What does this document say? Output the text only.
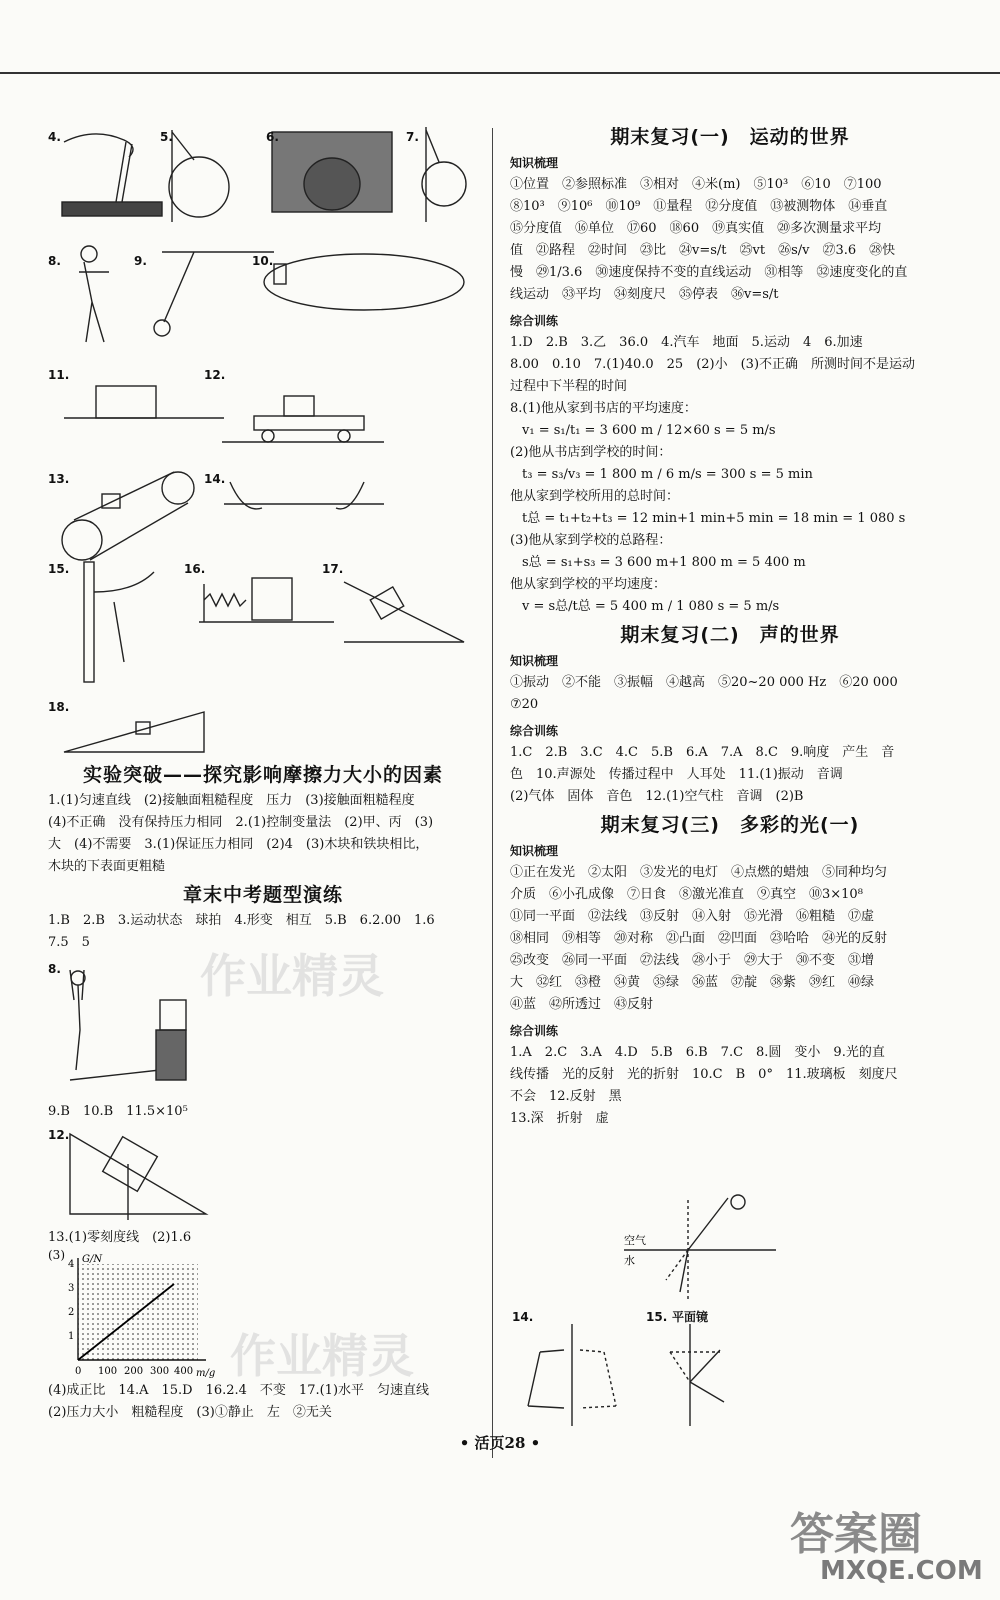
4.	5.	6.	7.
8.	9.	10.
11.	12.
13.	14.
15.	16.	17.
18.
实验突破——探究影响摩擦力大小的因素
1.(1)匀速直线　(2)接触面粗糙程度　压力　(3)接触面粗糙程度
(4)不正确　没有保持压力相同　2.(1)控制变量法　(2)甲、丙　(3)
大　(4)不需要　3.(1)保证压力相同　(2)4　(3)木块和铁块相比，
木块的下表面更粗糙
章末中考题型演练
1.B　2.B　3.运动状态　球拍　4.形变　相互　5.B　6.2.00　1.6
7.5　5
8.
9.B　10.B　11.5×10⁵
12.
13.(1)零刻度线　(2)1.6
(3) G/N
m/g
0 100 200 300 400
1
2
3
4
(4)成正比　14.A　15.D　16.2.4　不变　17.(1)水平　匀速直线
(2)压力大小　粗糙程度　(3)①静止　左　②无关
期末复习(一)　运动的世界
知识梳理
①位置　②参照标准　③相对　④米(m)　⑤10³　⑥10　⑦100
⑧10³　⑨10⁶　⑩10⁹　⑪量程　⑫分度值　⑬被测物体　⑭垂直
⑮分度值　⑯单位　⑰60　⑱60　⑲真实值　⑳多次测量求平均
值　㉑路程　㉒时间　㉓比　㉔v=s/t　㉕vt　㉖s/v　㉗3.6　㉘快
慢　㉙1/3.6　㉚速度保持不变的直线运动　㉛相等　㉜速度变化的直
线运动　㉝平均　㉞刻度尺　㉟停表　㊱v=s/t
综合训练
1.D　2.B　3.乙　36.0　4.汽车　地面　5.运动　4　6.加速
8.00　0.10　7.(1)40.0　25　(2)小　(3)不正确　所测时间不是运动
过程中下半程的时间
8.(1)他从家到书店的平均速度：
v₁ = s₁/t₁ = 3 600 m / 12×60 s = 5 m/s
(2)他从书店到学校的时间：
t₃ = s₃/v₃ = 1 800 m / 6 m/s = 300 s = 5 min
他从家到学校所用的总时间：
t总 = t₁+t₂+t₃ = 12 min+1 min+5 min = 18 min = 1 080 s
(3)他从家到学校的总路程：
s总 = s₁+s₃ = 3 600 m+1 800 m = 5 400 m
他从家到学校的平均速度：
v = s总/t总 = 5 400 m / 1 080 s = 5 m/s
期末复习(二)　声的世界
知识梳理
①振动　②不能　③振幅　④越高　⑤20~20 000 Hz　⑥20 000
⑦20
综合训练
1.C　2.B　3.C　4.C　5.B　6.A　7.A　8.C　9.响度　产生　音
色　10.声源处　传播过程中　人耳处　11.(1)振动　音调
(2)气体　固体　音色　12.(1)空气柱　音调　(2)B
期末复习(三)　多彩的光(一)
知识梳理
①正在发光　②太阳　③发光的电灯　④点燃的蜡烛　⑤同种均匀
介质　⑥小孔成像　⑦日食　⑧激光准直　⑨真空　⑩3×10⁸
⑪同一平面　⑫法线　⑬反射　⑭入射　⑮光滑　⑯粗糙　⑰虚
⑱相同　⑲相等　⑳对称　㉑凸面　㉒凹面　㉓哈哈　㉔光的反射
㉕改变　㉖同一平面　㉗法线　㉘小于　㉙大于　㉚不变　㉛增
大　㉜红　㉝橙　㉞黄　㉟绿　㊱蓝　㊲靛　㊳紫　㊴红　㊵绿
㊶蓝　㊷所透过　㊸反射
综合训练
1.A　2.C　3.A　4.D　5.B　6.B　7.C　8.圆　变小　9.光的直
线传播　光的反射　光的折射　10.C　B　0°　11.玻璃板　刻度尺
不会　12.反射　黑
13.深　折射　虚
空气
水
14.	15. 平面镜
作业精灵
作业精灵
• 活页28 •
答案圈
MXQE.COM
